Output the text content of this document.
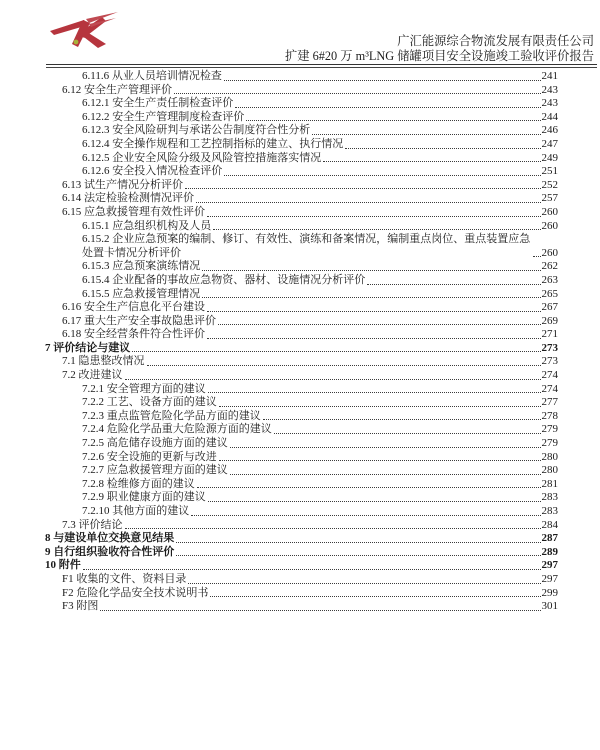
广汇能源综合物流发展有限责任公司
扩建 6#20 万 m³LNG 储罐项目安全设施竣工验收评价报告
6.11.6 从业人员培训情况检查	241
6.12 安全生产管理评价	243
6.12.1 安全生产责任制检查评价	243
6.12.2 安全生产管理制度检查评价	244
6.12.3 安全风险研判与承诺公告制度符合性分析	246
6.12.4 安全操作规程和工艺控制指标的建立、执行情况	247
6.12.5 企业安全风险分级及风险管控措施落实情况	249
6.12.6 安全投入情况检查评价	251
6.13 试生产情况分析评价	252
6.14 法定检验检测情况评价	257
6.15 应急救援管理有效性评价	260
6.15.1 应急组织机构及人员	260
6.15.2 企业应急预案的编制、修订、有效性、演练和备案情况，编制重点岗位、重点装置应急处置卡情况分析评价	260
6.15.3 应急预案演练情况	262
6.15.4 企业配备的事故应急物资、器材、设施情况分析评价	263
6.15.5 应急救援管理情况	265
6.16 安全生产信息化平台建设	267
6.17 重大生产安全事故隐患评价	269
6.18 安全经营条件符合性评价	271
7 评价结论与建议	273
7.1 隐患整改情况	273
7.2 改进建议	274
7.2.1 安全管理方面的建议	274
7.2.2 工艺、设备方面的建议	277
7.2.3 重点监管危险化学品方面的建议	278
7.2.4 危险化学品重大危险源方面的建议	279
7.2.5 高危储存设施方面的建议	279
7.2.6 安全设施的更新与改进	280
7.2.7 应急救援管理方面的建议	280
7.2.8 检维修方面的建议	281
7.2.9 职业健康方面的建议	283
7.2.10 其他方面的建议	283
7.3 评价结论	284
8 与建设单位交换意见结果	287
9 自行组织验收符合性评价	289
10 附件	297
F1 收集的文件、资料目录	297
F2 危险化学品安全技术说明书	299
F3 附图	301
